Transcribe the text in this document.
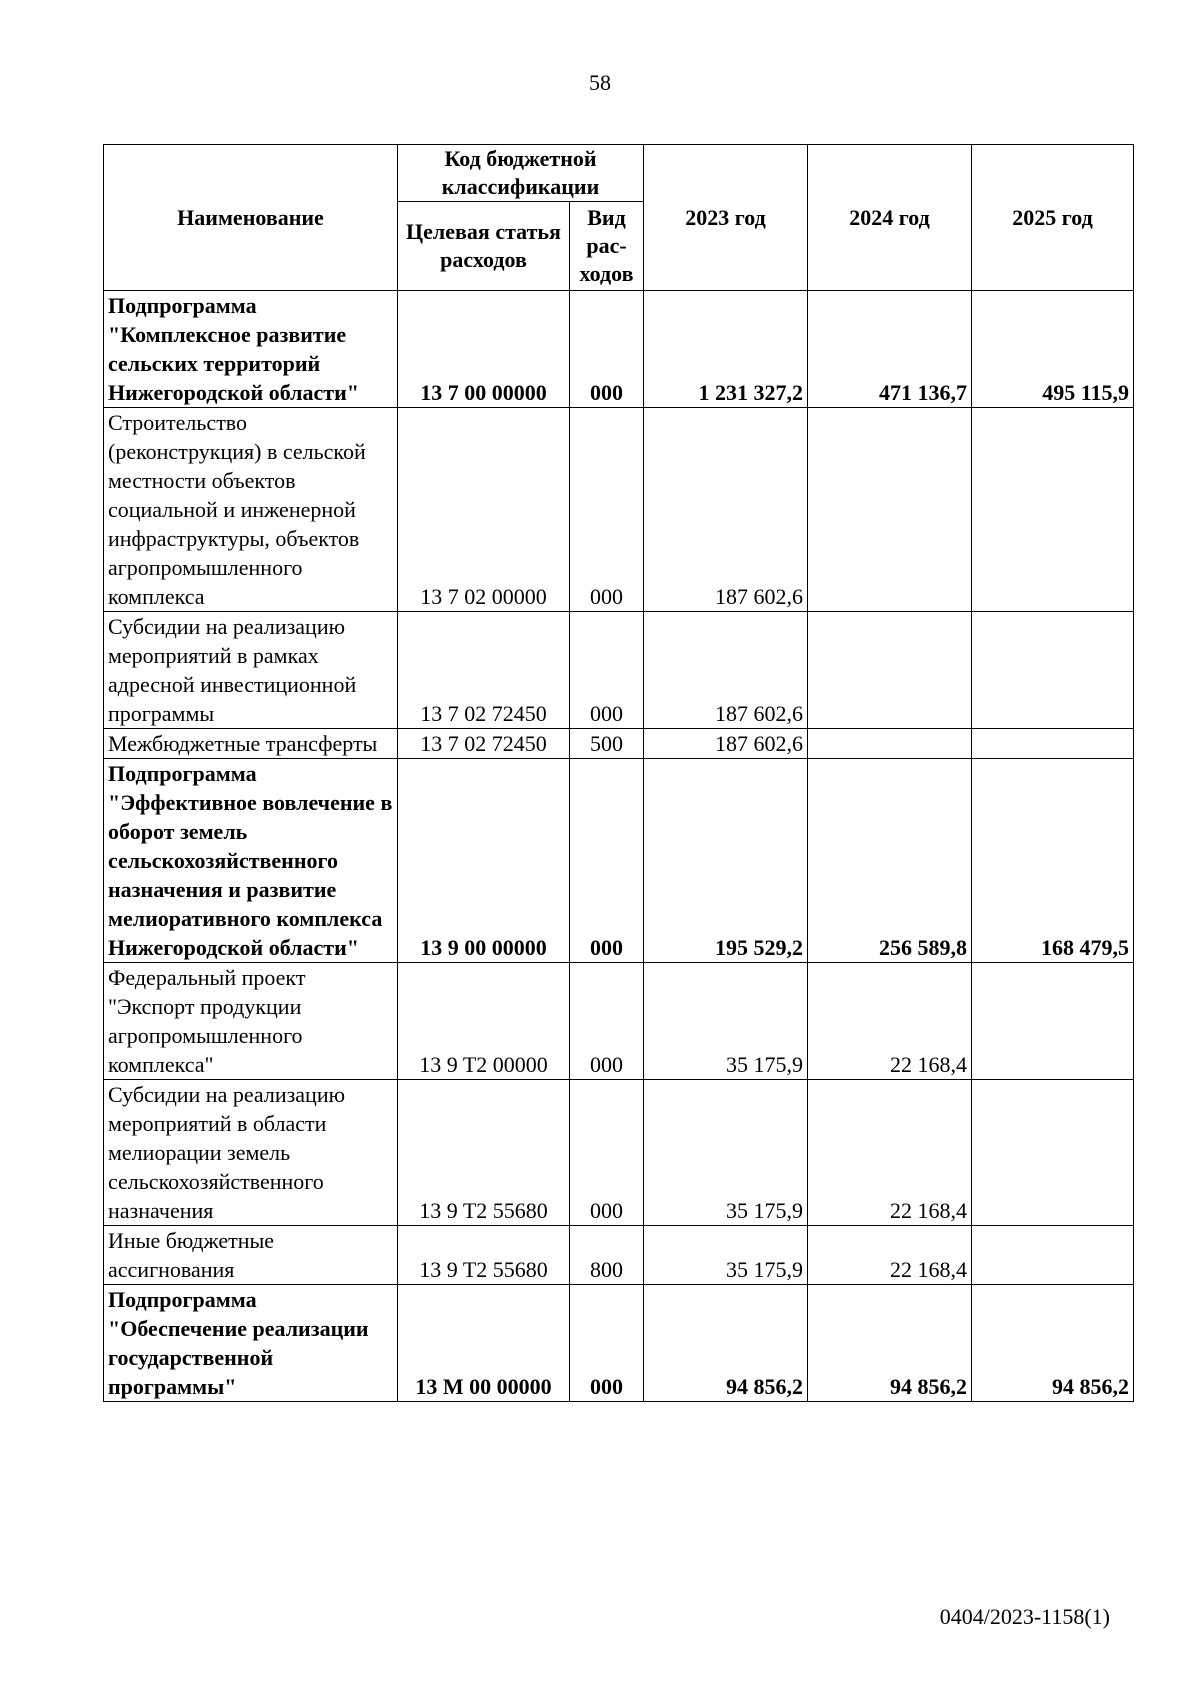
58
Наименование	Код бюджетной классификации		2023 год	2024 год	2025 год
	Целевая статья расходов	Вид рас-ходов			
Подпрограмма "Комплексное развитие сельских территорий Нижегородской области"	13 7 00 00000	000	1 231 327,2	471 136,7	495 115,9
Строительство (реконструкция) в сельской местности объектов социальной и инженерной инфраструктуры, объектов агропромышленного комплекса	13 7 02 00000	000	187 602,6		
Субсидии на реализацию мероприятий в рамках адресной инвестиционной программы	13 7 02 72450	000	187 602,6		
Межбюджетные трансферты	13 7 02 72450	500	187 602,6		
Подпрограмма "Эффективное вовлечение в оборот земель сельскохозяйственного назначения и развитие мелиоративного комплекса Нижегородской области"	13 9 00 00000	000	195 529,2	256 589,8	168 479,5
Федеральный проект "Экспорт продукции агропромышленного комплекса"	13 9 T2 00000	000	35 175,9	22 168,4	
Субсидии на реализацию мероприятий в области мелиорации земель сельскохозяйственного назначения	13 9 T2 55680	000	35 175,9	22 168,4	
Иные бюджетные ассигнования	13 9 T2 55680	800	35 175,9	22 168,4	
Подпрограмма "Обеспечение реализации государственной программы"	13 М 00 00000	000	94 856,2	94 856,2	94 856,2
0404/2023-1158(1)
